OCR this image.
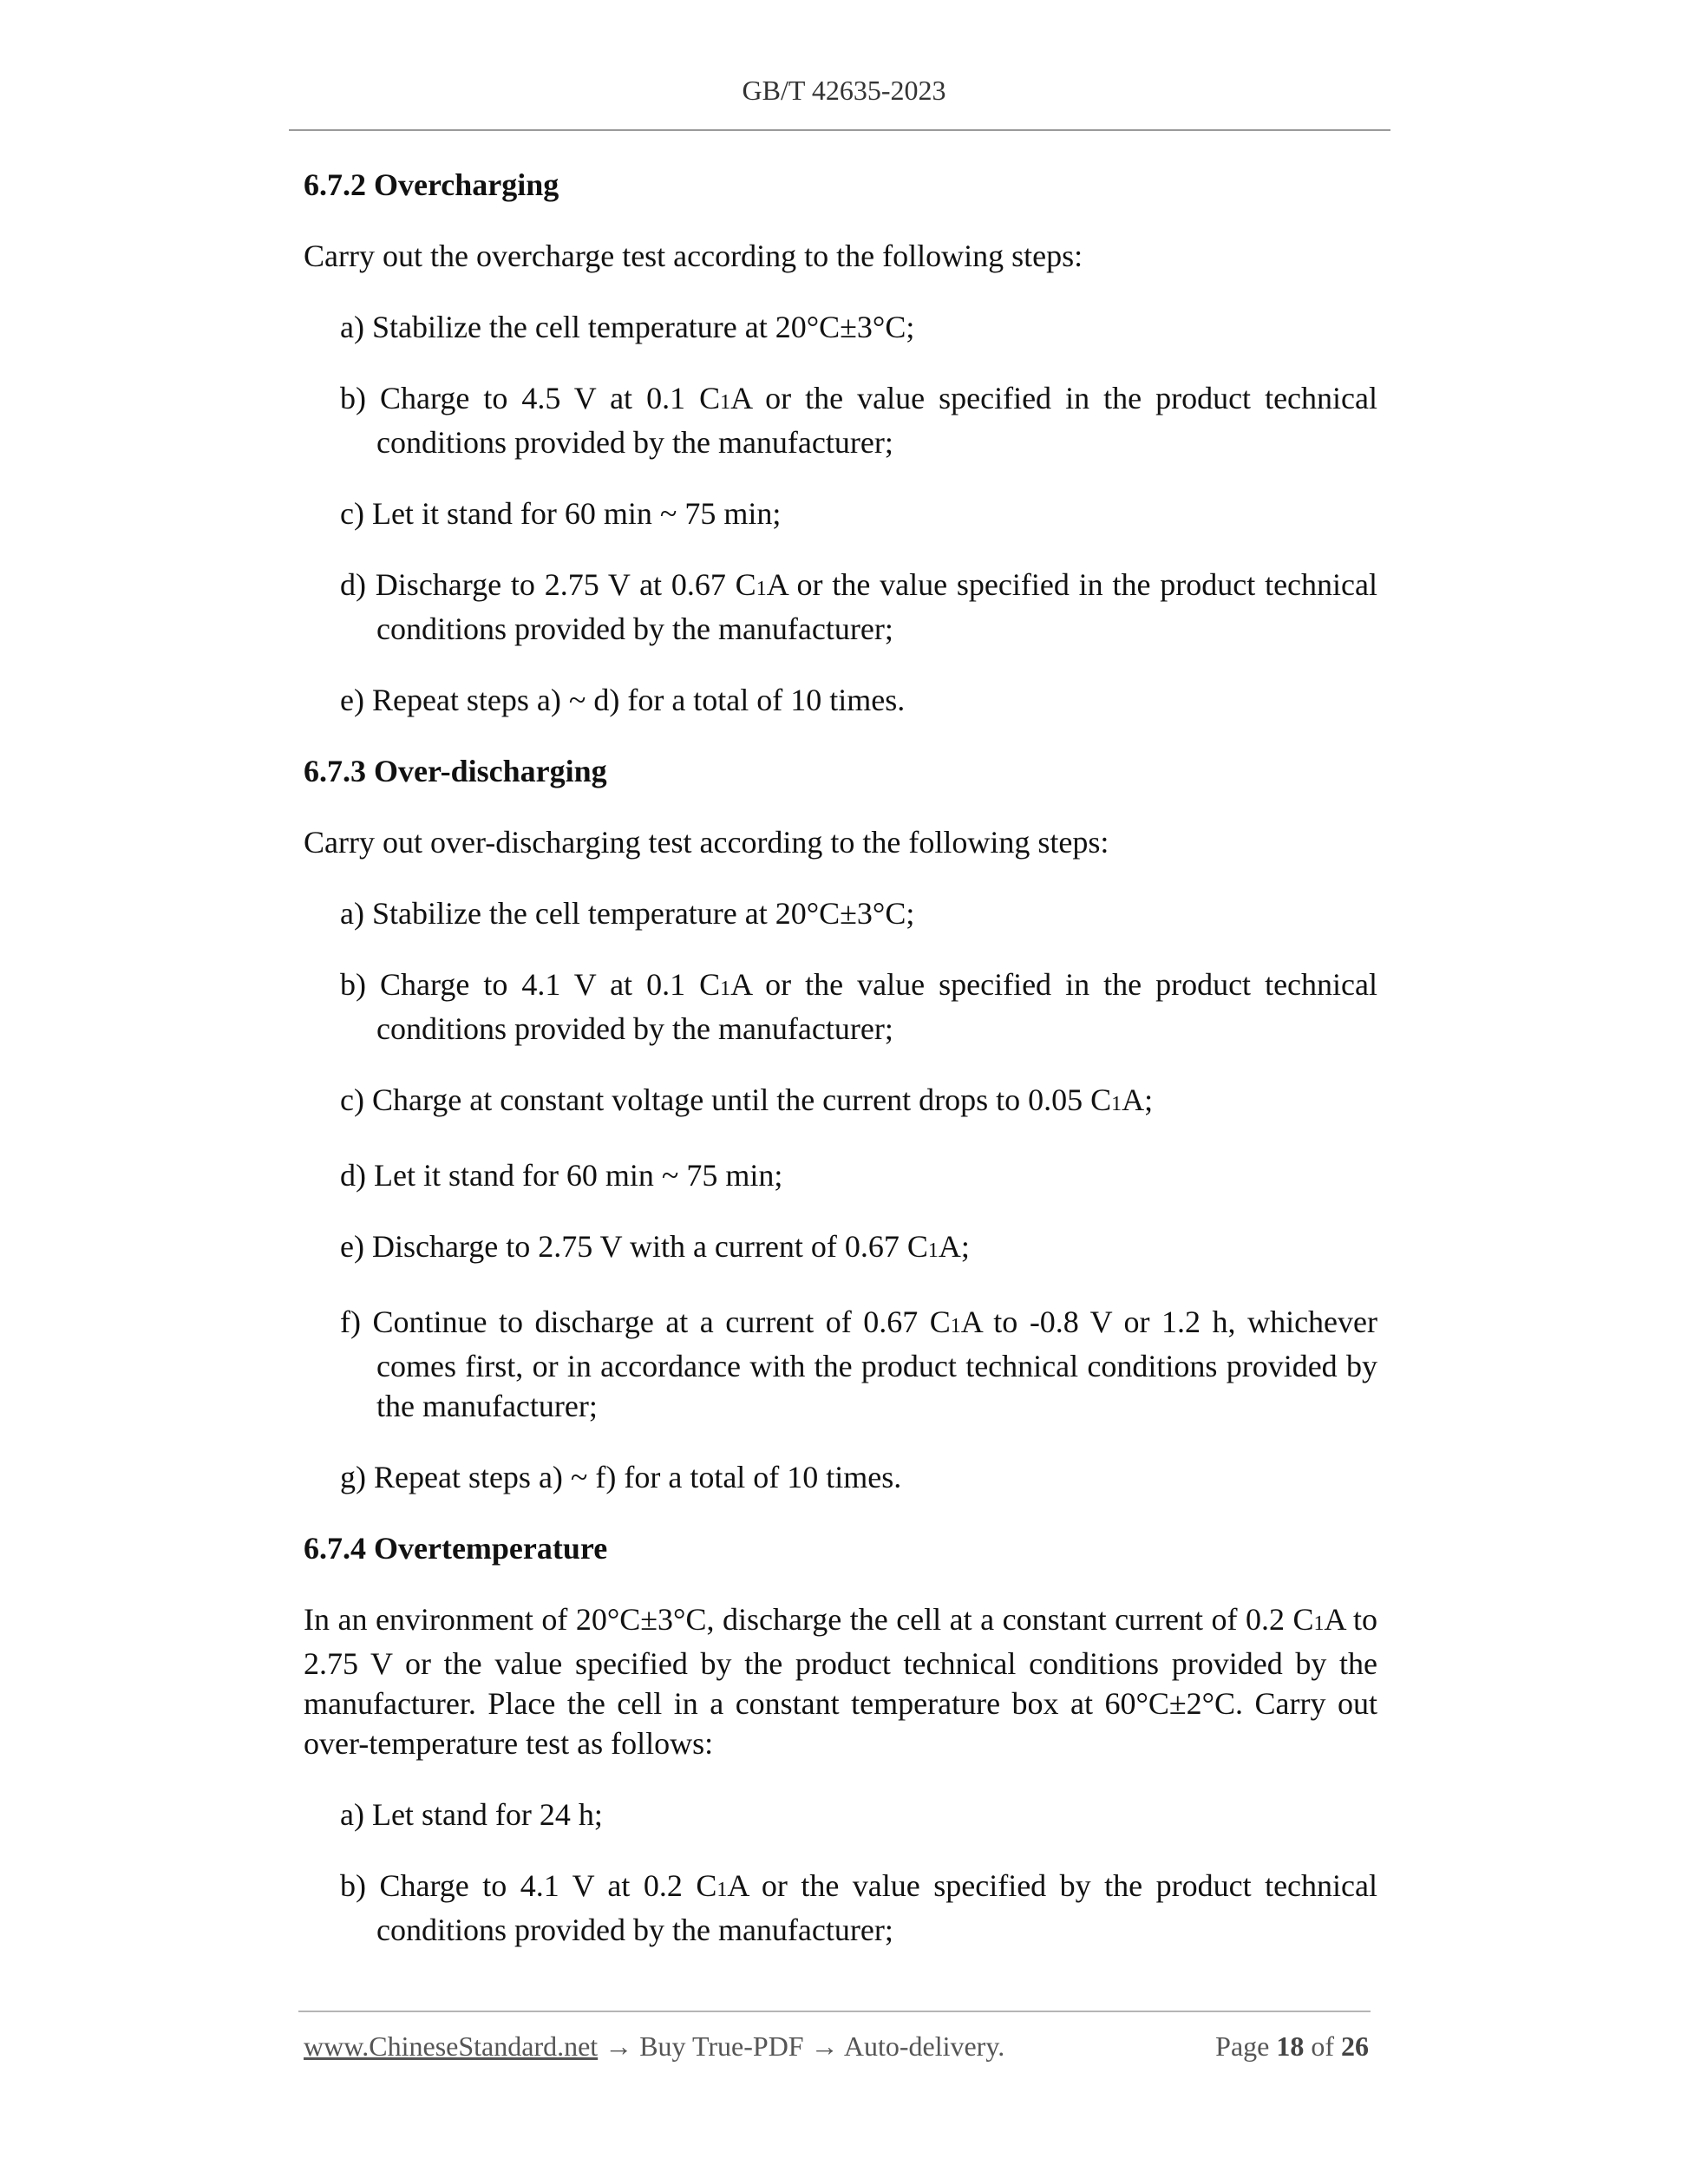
GB/T 42635-2023
6.7.2 Overcharging
Carry out the overcharge test according to the following steps:
a) Stabilize the cell temperature at 20°C±3°C;
b) Charge to 4.5 V at 0.1 C1A or the value specified in the product technical conditions provided by the manufacturer;
c) Let it stand for 60 min ~ 75 min;
d) Discharge to 2.75 V at 0.67 C1A or the value specified in the product technical conditions provided by the manufacturer;
e) Repeat steps a) ~ d) for a total of 10 times.
6.7.3 Over-discharging
Carry out over-discharging test according to the following steps:
a) Stabilize the cell temperature at 20°C±3°C;
b) Charge to 4.1 V at 0.1 C1A or the value specified in the product technical conditions provided by the manufacturer;
c) Charge at constant voltage until the current drops to 0.05 C1A;
d) Let it stand for 60 min ~ 75 min;
e) Discharge to 2.75 V with a current of 0.67 C1A;
f) Continue to discharge at a current of 0.67 C1A to -0.8 V or 1.2 h, whichever comes first, or in accordance with the product technical conditions provided by the manufacturer;
g) Repeat steps a) ~ f) for a total of 10 times.
6.7.4 Overtemperature
In an environment of 20°C±3°C, discharge the cell at a constant current of 0.2 C1A to 2.75 V or the value specified by the product technical conditions provided by the manufacturer. Place the cell in a constant temperature box at 60°C±2°C. Carry out over-temperature test as follows:
a) Let stand for 24 h;
b) Charge to 4.1 V at 0.2 C1A or the value specified by the product technical conditions provided by the manufacturer;
www.ChineseStandard.net → Buy True-PDF → Auto-delivery.	Page 18 of 26
